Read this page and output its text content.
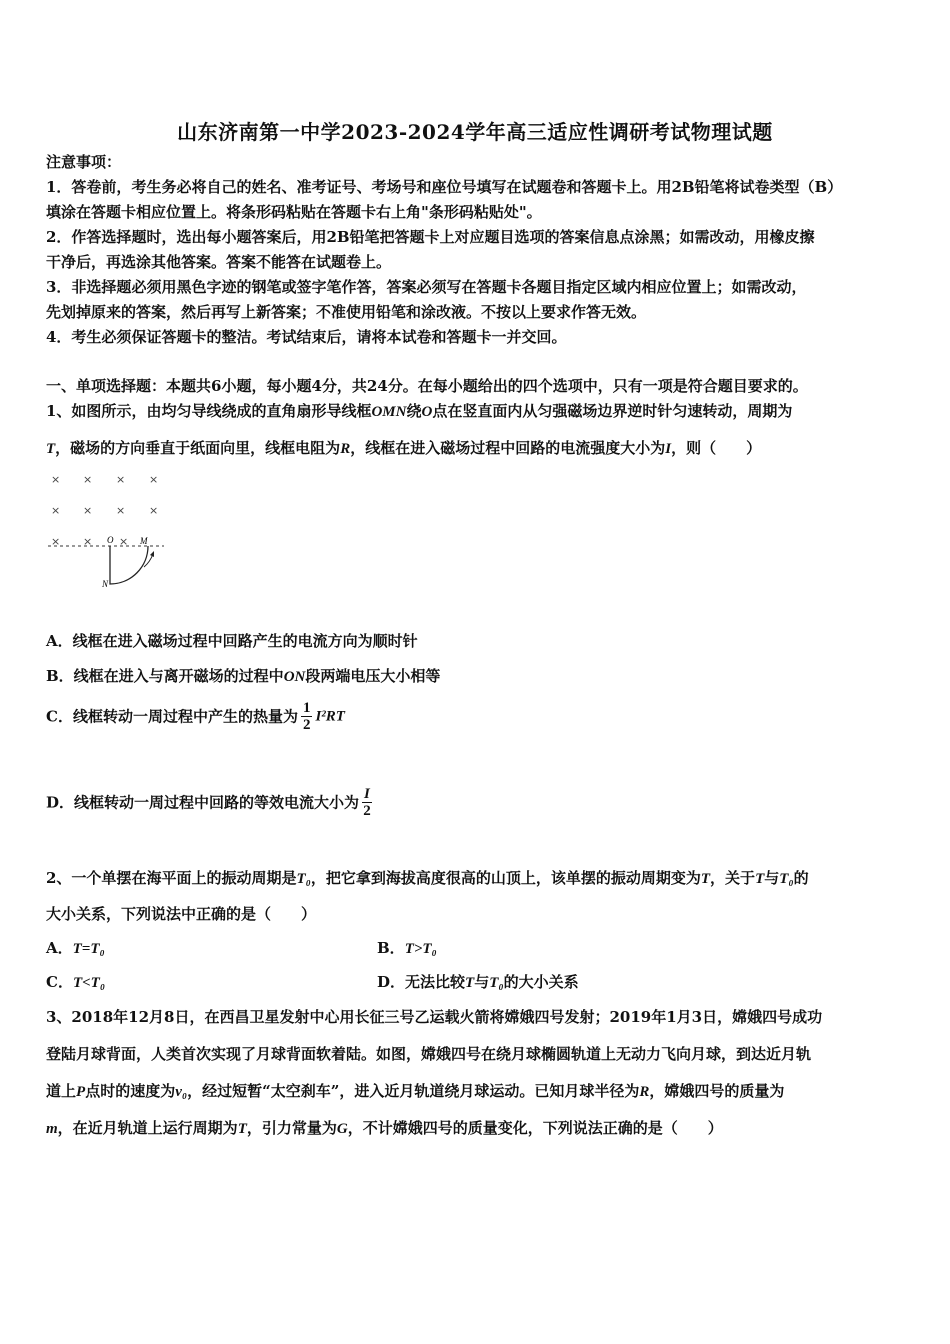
山东济南第一中学2023-2024学年高三适应性调研考试物理试题
注意事项：
1．答卷前，考生务必将自己的姓名、准考证号、考场号和座位号填写在试题卷和答题卡上。用2B铅笔将试卷类型（B）
填涂在答题卡相应位置上。将条形码粘贴在答题卡右上角"条形码粘贴处"。
2．作答选择题时，选出每小题答案后，用2B铅笔把答题卡上对应题目选项的答案信息点涂黑；如需改动，用橡皮擦
干净后，再选涂其他答案。答案不能答在试题卷上。
3．非选择题必须用黑色字迹的钢笔或签字笔作答，答案必须写在答题卡各题目指定区域内相应位置上；如需改动，
先划掉原来的答案，然后再写上新答案；不准使用铅笔和涂改液。不按以上要求作答无效。
4．考生必须保证答题卡的整洁。考试结束后，请将本试卷和答题卡一并交回。
一、单项选择题：本题共6小题，每小题4分，共24分。在每小题给出的四个选项中，只有一项是符合题目要求的。
1、如图所示，由均匀导线绕成的直角扇形导线框OMN绕O点在竖直面内从匀强磁场边界逆时针匀速转动，周期为
T，磁场的方向垂直于纸面向里，线框电阻为R，线框在进入磁场过程中回路的电流强度大小为I，则（　　）
× × × ×
× × × ×
× × ×
O	M
N
A．线框在进入磁场过程中回路产生的电流方向为顺时针
B．线框在进入与离开磁场的过程中ON段两端电压大小相等
C．线框转动一周过程中产生的热量为 $\frac{1}{2} I^2RT$
D．线框转动一周过程中回路的等效电流大小为 $\frac{I}{2}$
2、一个单摆在海平面上的振动周期是T₀，把它拿到海拔高度很高的山顶上，该单摆的振动周期变为T，关于T与T₀的
大小关系，下列说法中正确的是（　　）
A．T=T₀	B．T>T₀
C．T<T₀	D．无法比较T与T₀的大小关系
3、2018年12月8日，在西昌卫星发射中心用长征三号乙运载火箭将嫦娥四号发射；2019年1月3日，嫦娥四号成功
登陆月球背面，人类首次实现了月球背面软着陆。如图，嫦娥四号在绕月球椭圆轨道上无动力飞向月球，到达近月轨
道上P点时的速度为v₀，经过短暂“太空刹车”，进入近月轨道绕月球运动。已知月球半径为R，嫦娥四号的质量为
m，在近月轨道上运行周期为T，引力常量为G，不计嫦娥四号的质量变化，下列说法正确的是（　　）
